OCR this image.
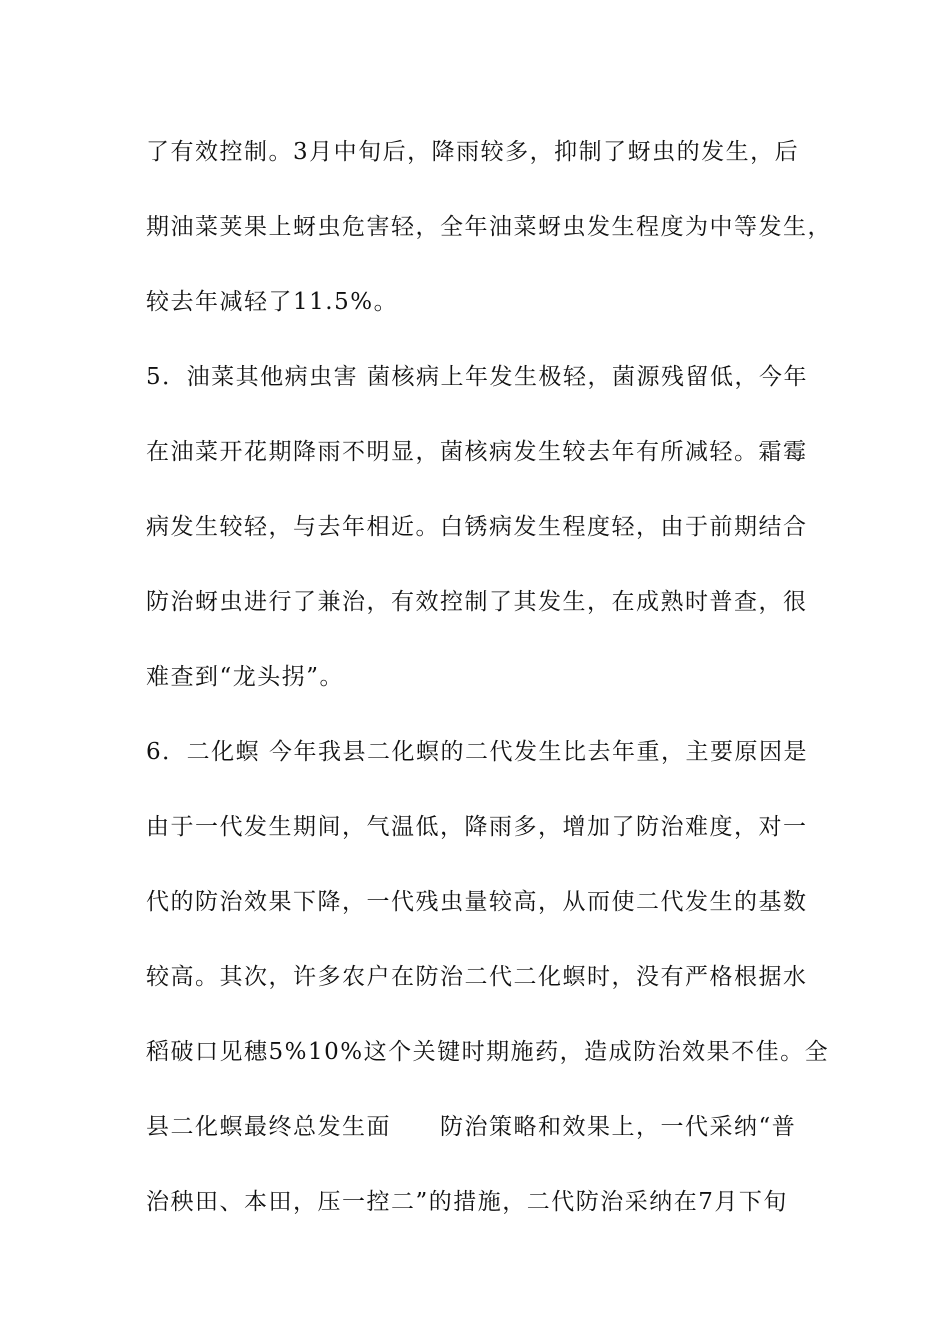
了有效控制。3月中旬后，降雨较多，抑制了蚜虫的发生，后
期油菜荚果上蚜虫危害轻，全年油菜蚜虫发生程度为中等发生，
较去年减轻了11.5%。
5．油菜其他病虫害 菌核病上年发生极轻，菌源残留低，今年
在油菜开花期降雨不明显，菌核病发生较去年有所减轻。霜霉
病发生较轻，与去年相近。白锈病发生程度轻，由于前期结合
防治蚜虫进行了兼治，有效控制了其发生，在成熟时普查，很
难查到“龙头拐”。
6．二化螟 今年我县二化螟的二代发生比去年重，主要原因是
由于一代发生期间，气温低，降雨多，增加了防治难度，对一
代的防治效果下降，一代残虫量较高，从而使二代发生的基数
较高。其次，许多农户在防治二代二化螟时，没有严格根据水
稻破口见穗5%10%这个关键时期施药，造成防治效果不佳。全
县二化螟最终总发生面　　防治策略和效果上，一代采纳“普
治秧田、本田，压一控二”的措施，二代防治采纳在7月下旬
